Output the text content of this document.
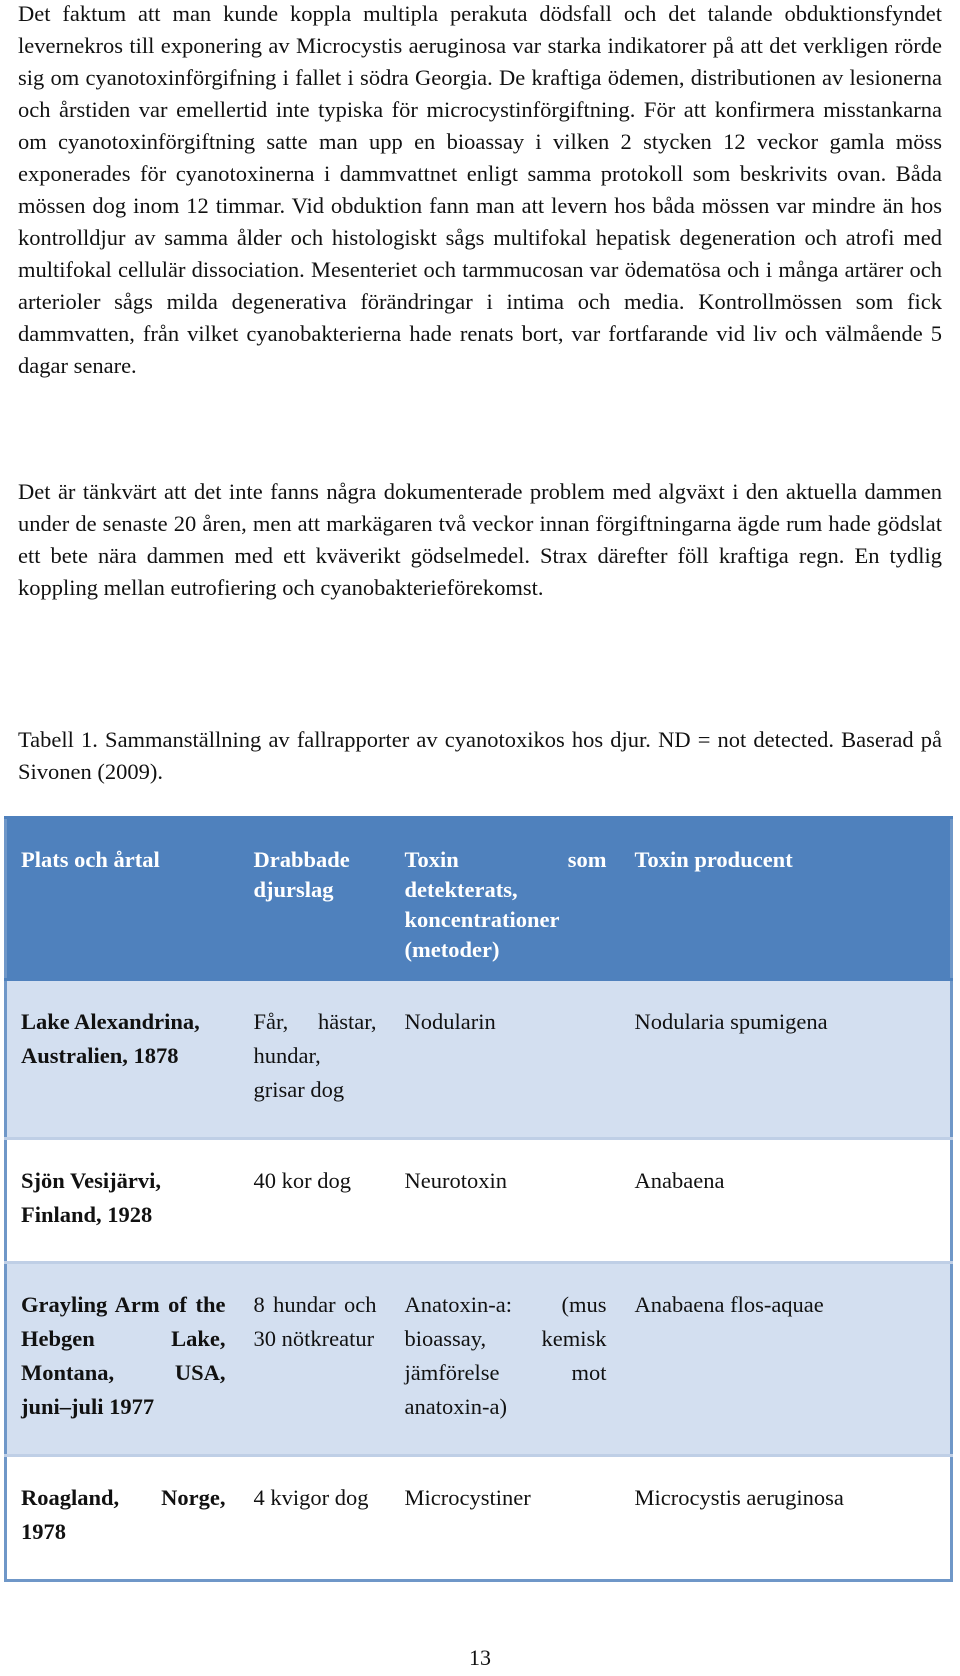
Det faktum att man kunde koppla multipla perakuta dödsfall och det talande obduktionsfyndet levernekros till exponering av Microcystis aeruginosa var starka indikatorer på att det verkligen rörde sig om cyanotoxinförgifning i fallet i södra Georgia. De kraftiga ödemen, distributionen av lesionerna och årstiden var emellertid inte typiska för microcystinförgiftning. För att konfirmera misstankarna om cyanotoxinförgiftning satte man upp en bioassay i vilken 2 stycken 12 veckor gamla möss exponerades för cyanotoxinerna i dammvattnet enligt samma protokoll som beskrivits ovan. Båda mössen dog inom 12 timmar. Vid obduktion fann man att levern hos båda mössen var mindre än hos kontrolldjur av samma ålder och histologiskt sågs multifokal hepatisk degeneration och atrofi med multifokal cellulär dissociation. Mesenteriet och tarmmucosan var ödematösa och i många artärer och arterioler sågs milda degenerativa förändringar i intima och media. Kontrollmössen som fick dammvatten, från vilket cyanobakterierna hade renats bort, var fortfarande vid liv och välmående 5 dagar senare.

Det är tänkvärt att det inte fanns några dokumenterade problem med algväxt i den aktuella dammen under de senaste 20 åren, men att markägaren två veckor innan förgiftningarna ägde rum hade gödslat ett bete nära dammen med ett kväverikt gödselmedel. Strax därefter föll kraftiga regn. En tydlig koppling mellan eutrofiering och cyanobakterieförekomst.

Tabell 1. Sammanställning av fallrapporter av cyanotoxikos hos djur. ND = not detected. Baserad på Sivonen (2009).

Plats och årtal	Drabbade djurslag	Toxin som detekterats, koncentrationer (metoder)	Toxin producent
Lake Alexandrina, Australien, 1878	Får, hästar, hundar, grisar dog	Nodularin	Nodularia spumigena
Sjön Vesijärvi, Finland, 1928	40 kor dog	Neurotoxin	Anabaena
Grayling Arm of the Hebgen Lake, Montana, USA, juni–juli 1977	8 hundar och 30 nötkreatur	Anatoxin-a: (mus bioassay, kemisk jämförelse mot anatoxin-a)	Anabaena flos-aquae
Roagland, Norge, 1978	4 kvigor dog	Microcystiner	Microcystis aeruginosa
13
